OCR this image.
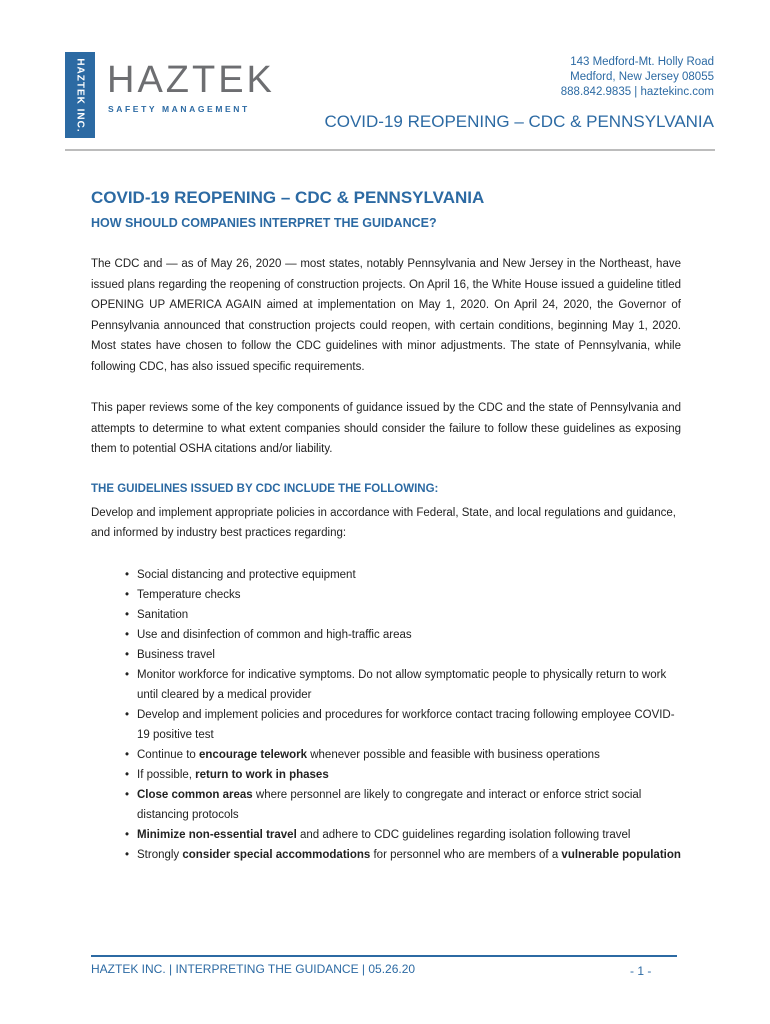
HAZTEK INC. HAZTEK
SAFETY MANAGEMENT
143 Medford-Mt. Holly Road
Medford, New Jersey 08055
888.842.9835 | haztekinc.com
COVID-19 REOPENING – CDC & PENNSYLVANIA
COVID-19 REOPENING – CDC & PENNSYLVANIA
HOW SHOULD COMPANIES INTERPRET THE GUIDANCE?

The CDC and — as of May 26, 2020 — most states, notably Pennsylvania and New Jersey in the Northeast, have issued plans regarding the reopening of construction projects. On April 16, the White House issued a guideline titled OPENING UP AMERICA AGAIN aimed at implementation on May 1, 2020. On April 24, 2020, the Governor of Pennsylvania announced that construction projects could reopen, with certain conditions, beginning May 1, 2020. Most states have chosen to follow the CDC guidelines with minor adjustments. The state of Pennsylvania, while following CDC, has also issued specific requirements.

This paper reviews some of the key components of guidance issued by the CDC and the state of Pennsylvania and attempts to determine to what extent companies should consider the failure to follow these guidelines as exposing them to potential OSHA citations and/or liability.

THE GUIDELINES ISSUED BY CDC INCLUDE THE FOLLOWING:

Develop and implement appropriate policies in accordance with Federal, State, and local regulations and guidance, and informed by industry best practices regarding:

• Social distancing and protective equipment
• Temperature checks
• Sanitation
• Use and disinfection of common and high-traffic areas
• Business travel
• Monitor workforce for indicative symptoms. Do not allow symptomatic people to physically return to work until cleared by a medical provider
• Develop and implement policies and procedures for workforce contact tracing following employee COVID-19 positive test
• Continue to encourage telework whenever possible and feasible with business operations
• If possible, return to work in phases
• Close common areas where personnel are likely to congregate and interact or enforce strict social distancing protocols
• Minimize non-essential travel and adhere to CDC guidelines regarding isolation following travel
• Strongly consider special accommodations for personnel who are members of a vulnerable population
HAZTEK INC. | INTERPRETING THE GUIDANCE | 05.26.20	- 1 -
